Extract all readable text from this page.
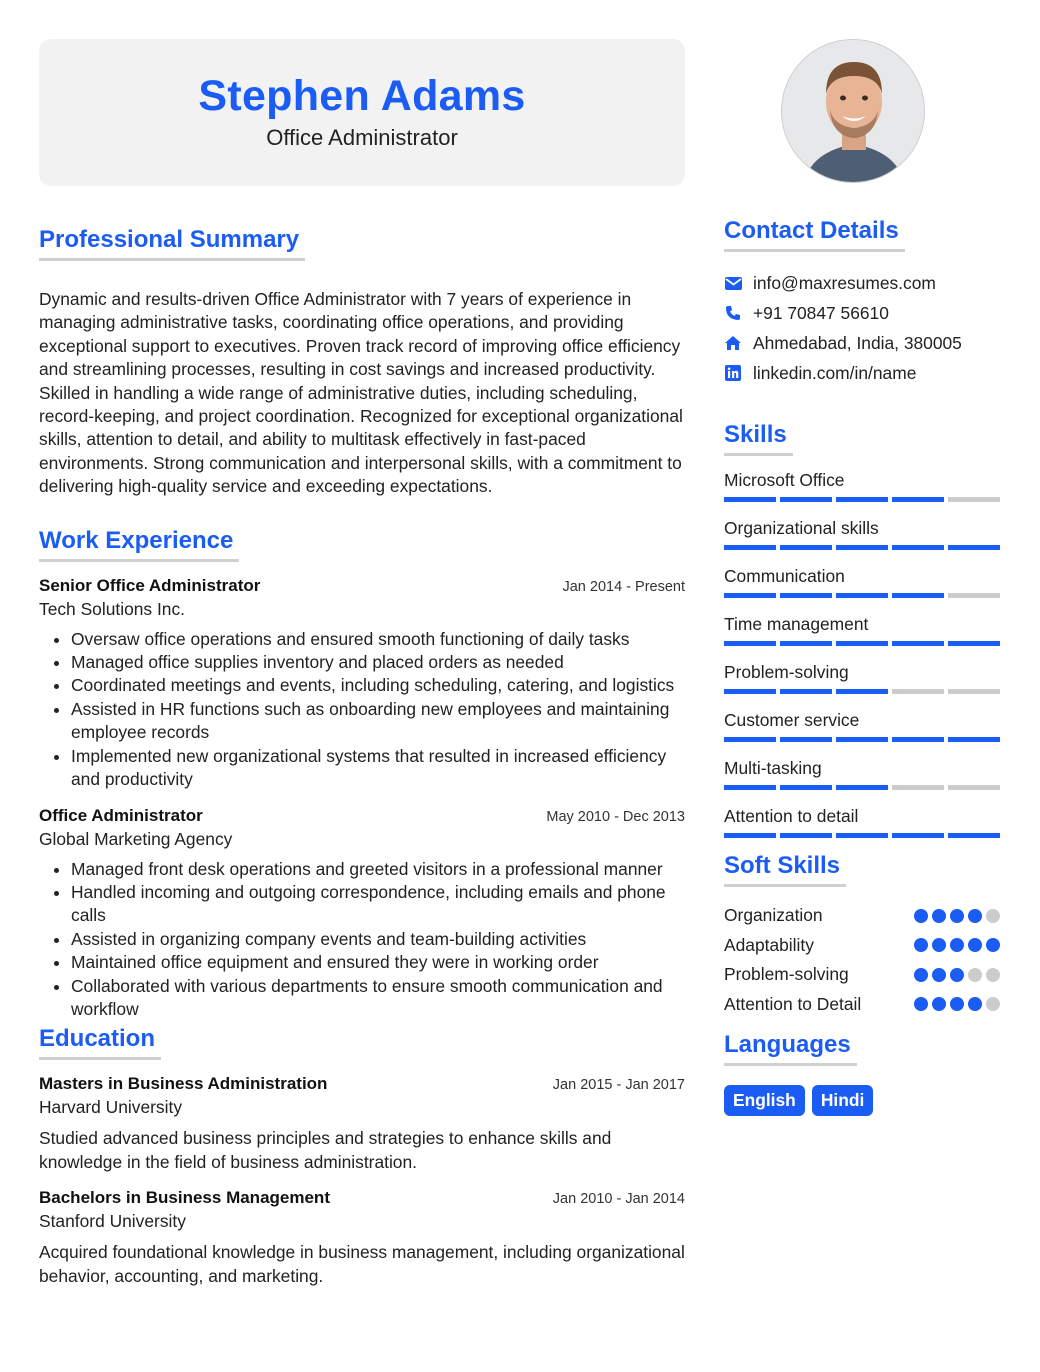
Stephen Adams
Office Administrator
Professional Summary

Dynamic and results-driven Office Administrator with 7 years of experience in managing administrative tasks, coordinating office operations, and providing exceptional support to executives. Proven track record of improving office efficiency and streamlining processes, resulting in cost savings and increased productivity. Skilled in handling a wide range of administrative duties, including scheduling, record-keeping, and project coordination. Recognized for exceptional organizational skills, attention to detail, and ability to multitask effectively in fast-paced environments. Strong communication and interpersonal skills, with a commitment to delivering high-quality service and exceeding expectations.

Work Experience
Senior Office Administrator	Jan 2014 - Present
Tech Solutions Inc.
• Oversaw office operations and ensured smooth functioning of daily tasks
• Managed office supplies inventory and placed orders as needed
• Coordinated meetings and events, including scheduling, catering, and logistics
• Assisted in HR functions such as onboarding new employees and maintaining employee records
• Implemented new organizational systems that resulted in increased efficiency and productivity
Office Administrator	May 2010 - Dec 2013
Global Marketing Agency
• Managed front desk operations and greeted visitors in a professional manner
• Handled incoming and outgoing correspondence, including emails and phone calls
• Assisted in organizing company events and team-building activities
• Maintained office equipment and ensured they were in working order
• Collaborated with various departments to ensure smooth communication and workflow
Education
Masters in Business Administration	Jan 2015 - Jan 2017
Harvard University

Studied advanced business principles and strategies to enhance skills and knowledge in the field of business administration.

Bachelors in Business Management	Jan 2010 - Jan 2014
Stanford University

Acquired foundational knowledge in business management, including organizational behavior, accounting, and marketing.

Contact Details
info@maxresumes.com
+91 70847 56610
Ahmedabad, India, 380005
linkedin.com/in/name
Skills
Microsoft Office
Organizational skills
Communication
Time management
Problem-solving
Customer service
Multi-tasking
Attention to detail
Soft Skills
Organization
Adaptability
Problem-solving
Attention to Detail
Languages
English	Hindi
